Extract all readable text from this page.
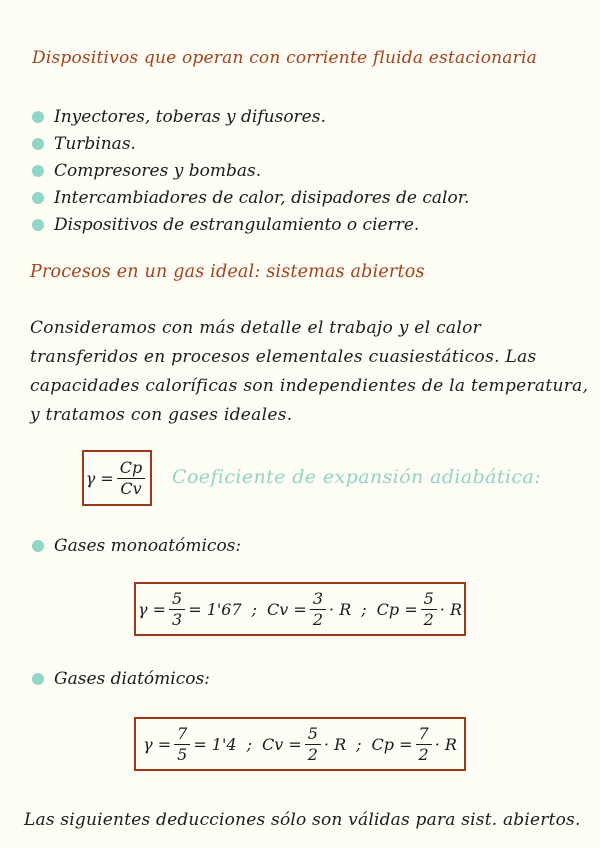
Dispositivos que operan con corriente fluida estacionaria
Inyectores, toberas y difusores.
Turbinas.
Compresores y bombas.
Intercambiadores de calor, disipadores de calor.
Dispositivos de estrangulamiento o cierre.
Procesos en un gas ideal: sistemas abiertos
Consideramos con más detalle el trabajo y el calor
transferidos en procesos elementales cuasiestáticos. Las
capacidades caloríficas son independientes de la temperatura,
y tratamos con gases ideales.
$\gamma = \frac{Cp}{Cv}$ Coeficiente de expansión adiabática:
Gases monoatómicos:
$\gamma = \frac{5}{3} = 1'67$ ; $Cv = \frac{3}{2} \cdot R$ ; $Cp = \frac{5}{2} \cdot R$
Gases diatómicos:
$\gamma = \frac{7}{5} = 1'4$ ; $Cv = \frac{5}{2} \cdot R$ ; $Cp = \frac{7}{2} \cdot R$
Las siguientes deducciones sólo son válidas para sist. abiertos.
